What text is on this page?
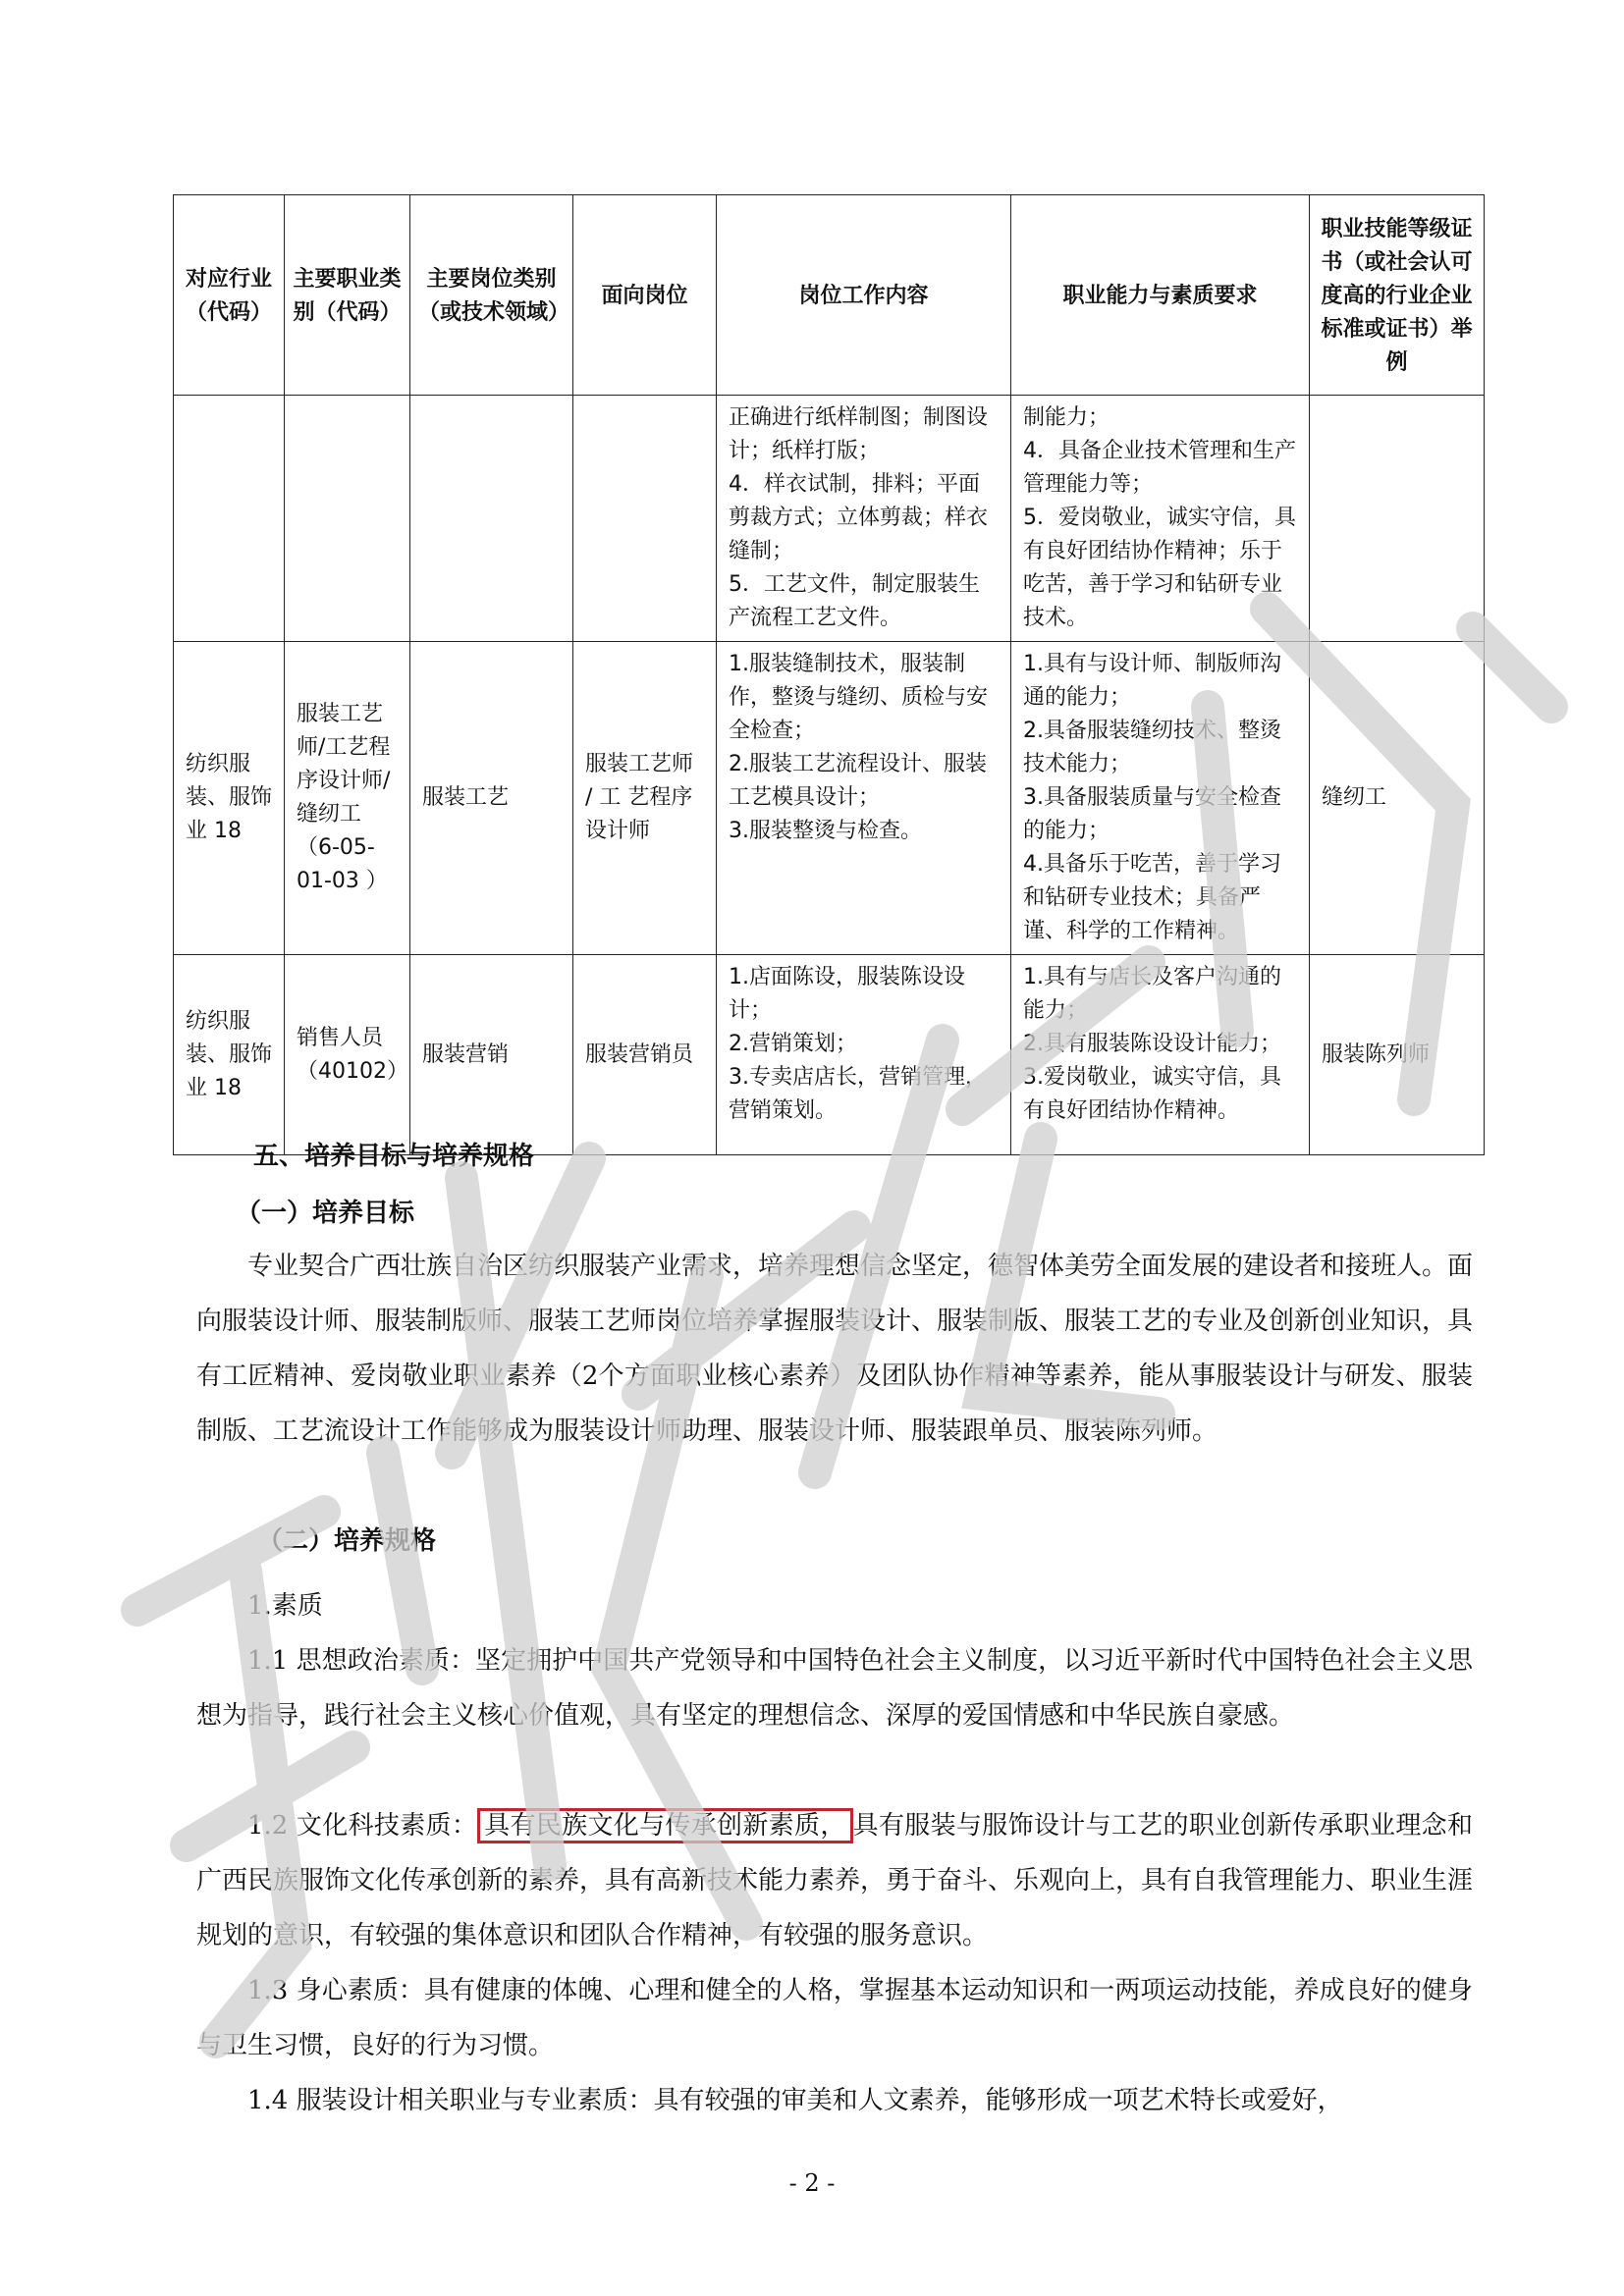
对应行业（代码）	主要职业类别（代码）	主要岗位类别（或技术领域）	面向岗位	岗位工作内容	职业能力与素质要求	职业技能等级证书（或社会认可度高的行业企业标准或证书）举例
				正确进行纸样制图；制图设计；纸样打版；
4．样衣试制，排料；平面剪裁方式；立体剪裁；样衣缝制；
5．工艺文件，制定服装生产流程工艺文件。	制能力；
4．具备企业技术管理和生产管理能力等；
5．爱岗敬业，诚实守信，具有良好团结协作精神；乐于吃苦，善于学习和钻研专业技术。	
纺织服装、服饰业 18	服装工艺师/工艺程序设计师/缝纫工（6-05-01-03 ）	服装工艺	服装工艺师 / 工 艺程序设计师	1.服装缝制技术，服装制作，整烫与缝纫、质检与安全检查；
2.服装工艺流程设计、服装工艺模具设计；
3.服装整烫与检查。	1.具有与设计师、制版师沟通的能力；
2.具备服装缝纫技术、整烫技术能力；
3.具备服装质量与安全检查的能力；
4.具备乐于吃苦，善于学习和钻研专业技术；具备严谨、科学的工作精神。	缝纫工
纺织服装、服饰业 18	销售人员（40102）	服装营销	服装营销员	1.店面陈设，服装陈设设计；
2.营销策划；
3.专卖店店长，营销管理，营销策划。	1.具有与店长及客户沟通的能力；
2.具有服装陈设设计能力；
3.爱岗敬业，诚实守信，具有良好团结协作精神。	服装陈列师
五、培养目标与培养规格
（一）培养目标
专业契合广西壮族自治区纺织服装产业需求，培养理想信念坚定，德智体美劳全面发展的建设者和接班人。面向服装设计师、服装制版师、服装工艺师岗位培养掌握服装设计、服装制版、服装工艺的专业及创新创业知识，具有工匠精神、爱岗敬业职业素养（2个方面职业核心素养）及团队协作精神等素养，能从事服装设计与研发、服装制版、工艺流设计工作能够成为服装设计师助理、服装设计师、服装跟单员、服装陈列师。
（二）培养规格
1.素质
1.1 思想政治素质：坚定拥护中国共产党领导和中国特色社会主义制度，以习近平新时代中国特色社会主义思想为指导，践行社会主义核心价值观，具有坚定的理想信念、深厚的爱国情感和中华民族自豪感。
1.2 文化科技素质： 具有民族文化与传承创新素质， 具有服装与服饰设计与工艺的职业创新传承职业理念和广西民族服饰文化传承创新的素养，具有高新技术能力素养，勇于奋斗、乐观向上，具有自我管理能力、职业生涯规划的意识，有较强的集体意识和团队合作精神，有较强的服务意识。
1.3 身心素质：具有健康的体魄、心理和健全的人格，掌握基本运动知识和一两项运动技能，养成良好的健身与卫生习惯，良好的行为习惯。
1.4 服装设计相关职业与专业素质：具有较强的审美和人文素养，能够形成一项艺术特长或爱好，
- 2 -
